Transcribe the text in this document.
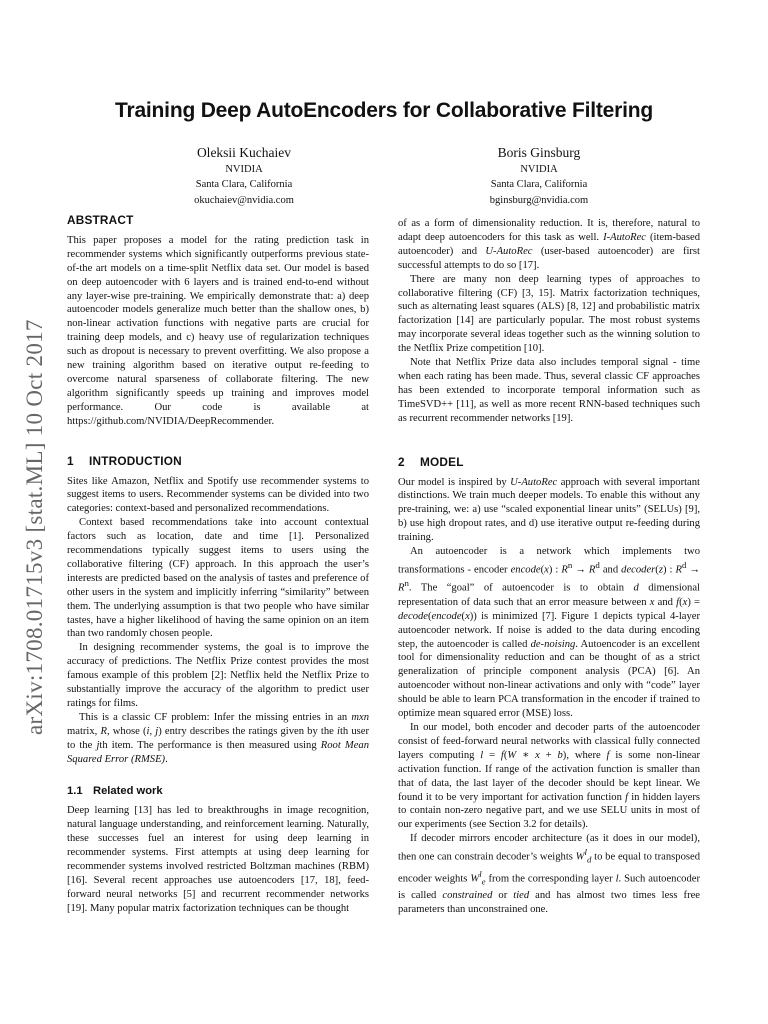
arXiv:1708.01715v3 [stat.ML] 10 Oct 2017
Training Deep AutoEncoders for Collaborative Filtering
Oleksii Kuchaiev
NVIDIA
Santa Clara, California
okuchaiev@nvidia.com
Boris Ginsburg
NVIDIA
Santa Clara, California
bginsburg@nvidia.com
ABSTRACT

This paper proposes a model for the rating prediction task in recommender systems which significantly outperforms previous state-of-the art models on a time-split Netflix data set. Our model is based on deep autoencoder with 6 layers and is trained end-to-end without any layer-wise pre-training. We empirically demonstrate that: a) deep autoencoder models generalize much better than the shallow ones, b) non-linear activation functions with negative parts are crucial for training deep models, and c) heavy use of regularization techniques such as dropout is necessary to prevent overfitting. We also propose a new training algorithm based on iterative output re-feeding to overcome natural sparseness of collaborate filtering. The new algorithm significantly speeds up training and improves model performance. Our code is available at https://github.com/NVIDIA/DeepRecommender.

1 INTRODUCTION

Sites like Amazon, Netflix and Spotify use recommender systems to suggest items to users. Recommender systems can be divided into two categories: context-based and personalized recommendations.

Context based recommendations take into account contextual factors such as location, date and time [1]. Personalized recommendations typically suggest items to users using the collaborative filtering (CF) approach. In this approach the user’s interests are predicted based on the analysis of tastes and preference of other users in the system and implicitly inferring “similarity” between them. The underlying assumption is that two people who have similar tastes, have a higher likelihood of having the same opinion on an item than two randomly chosen people.

In designing recommender systems, the goal is to improve the accuracy of predictions. The Netflix Prize contest provides the most famous example of this problem [2]: Netflix held the Netflix Prize to substantially improve the accuracy of the algorithm to predict user ratings for films.

This is a classic CF problem: Infer the missing entries in an mxn matrix, R, whose (i, j) entry describes the ratings given by the ith user to the jth item. The performance is then measured using Root Mean Squared Error (RMSE).

1.1 Related work

Deep learning [13] has led to breakthroughs in image recognition, natural language understanding, and reinforcement learning. Naturally, these successes fuel an interest for using deep learning in recommender systems. First attempts at using deep learning for recommender systems involved restricted Boltzman machines (RBM) [16]. Several recent approaches use autoencoders [17, 18], feed-forward neural networks [5] and recurrent recommender networks [19]. Many popular matrix factorization techniques can be thought

of as a form of dimensionality reduction. It is, therefore, natural to adapt deep autoencoders for this task as well. I-AutoRec (item-based autoencoder) and U-AutoRec (user-based autoencoder) are first successful attempts to do so [17].

There are many non deep learning types of approaches to collaborative filtering (CF) [3, 15]. Matrix factorization techniques, such as alternating least squares (ALS) [8, 12] and probabilistic matrix factorization [14] are particularly popular. The most robust systems may incorporate several ideas together such as the winning solution to the Netflix Prize competition [10].

Note that Netflix Prize data also includes temporal signal - time when each rating has been made. Thus, several classic CF approaches has been extended to incorporate temporal information such as TimeSVD++ [11], as well as more recent RNN-based techniques such as recurrent recommender networks [19].

2 MODEL

Our model is inspired by U-AutoRec approach with several important distinctions. We train much deeper models. To enable this without any pre-training, we: a) use “scaled exponential linear units” (SELUs) [9], b) use high dropout rates, and d) use iterative output re-feeding during training.

An autoencoder is a network which implements two transformations - encoder encode(x) : $R^n \to R^d$ and decoder(z) : $R^d \to R^n$. The “goal” of autoencoder is to obtain d dimensional representation of data such that an error measure between x and f(x) = decode(encode(x)) is minimized [7]. Figure 1 depicts typical 4-layer autoencoder network. If noise is added to the data during encoding step, the autoencoder is called de-noising. Autoencoder is an excellent tool for dimensionality reduction and can be thought of as a strict generalization of principle component analysis (PCA) [6]. An autoencoder without non-linear activations and only with “code” layer should be able to learn PCA transformation in the encoder if trained to optimize mean squared error (MSE) loss.

In our model, both encoder and decoder parts of the autoencoder consist of feed-forward neural networks with classical fully connected layers computing l = f(W ∗ x + b), where f is some non-linear activation function. If range of the activation function is smaller than that of data, the last layer of the decoder should be kept linear. We found it to be very important for activation function f in hidden layers to contain non-zero negative part, and we use SELU units in most of our experiments (see Section 3.2 for details).

If decoder mirrors encoder architecture (as it does in our model), then one can constrain decoder’s weights $W^l_d$ to be equal to transposed encoder weights $W^l_e$ from the corresponding layer l. Such autoencoder is called constrained or tied and has almost two times less free parameters than unconstrained one.
